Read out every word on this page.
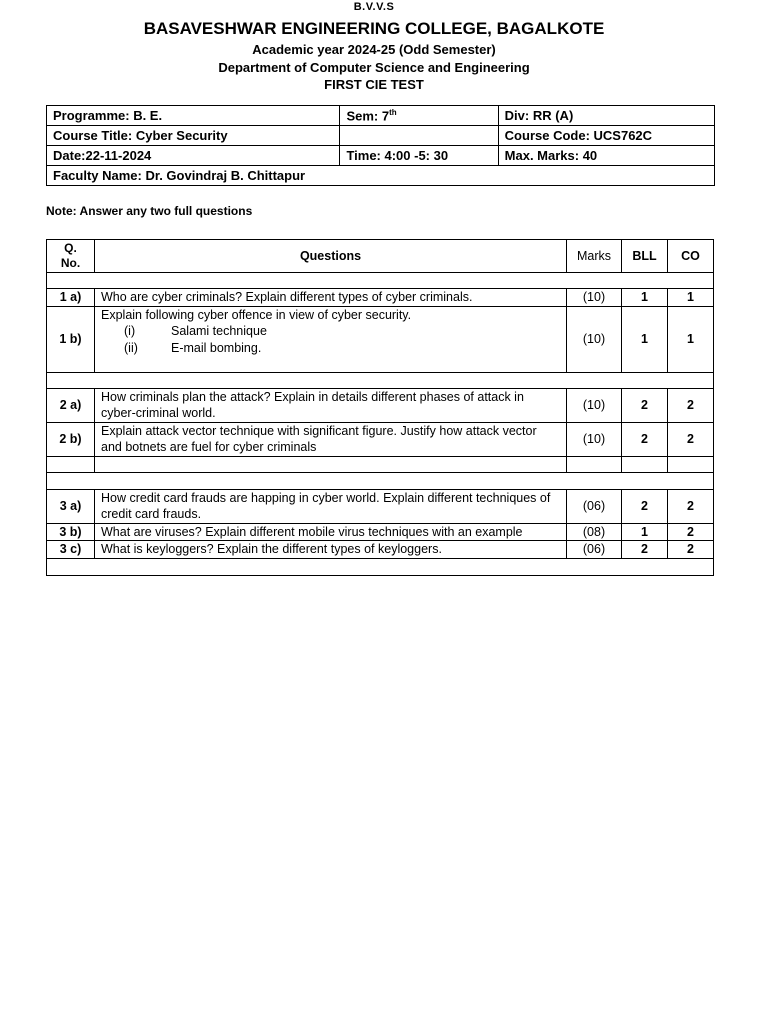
B.V.V.S
BASAVESHWAR ENGINEERING COLLEGE, BAGALKOTE
Academic year 2024-25 (Odd Semester)
Department of Computer Science and Engineering
FIRST CIE TEST
Programme: B. E.	Sem: 7th	Div: RR (A)
Course Title: Cyber Security		Course Code: UCS762C
Date:22-11-2024	Time: 4:00 -5: 30	Max. Marks: 40
Faculty Name: Dr. Govindraj B. Chittapur		
Note: Answer any two full questions
Q.
No.	Questions	Marks	BLL	CO

1 a)	Who are cyber criminals? Explain different types of cyber criminals.	(10)	1	1
1 b)	Explain following cyber offence in view of cyber security.
(i) Salami technique
(ii) E-mail bombing.	(10)	1	1

2 a)	How criminals plan the attack? Explain in details different phases of attack in cyber-criminal world.	(10)	2	2
2 b)	Explain attack vector technique with significant figure. Justify how attack vector and botnets are fuel for cyber criminals	(10)	2	2

3 a)	How credit card frauds are happing in cyber world. Explain different techniques of credit card frauds.	(06)	2	2
3 b)	What are viruses? Explain different mobile virus techniques with an example	(08)	1	2
3 c)	What is keyloggers? Explain the different types of keyloggers.	(06)	2	2
